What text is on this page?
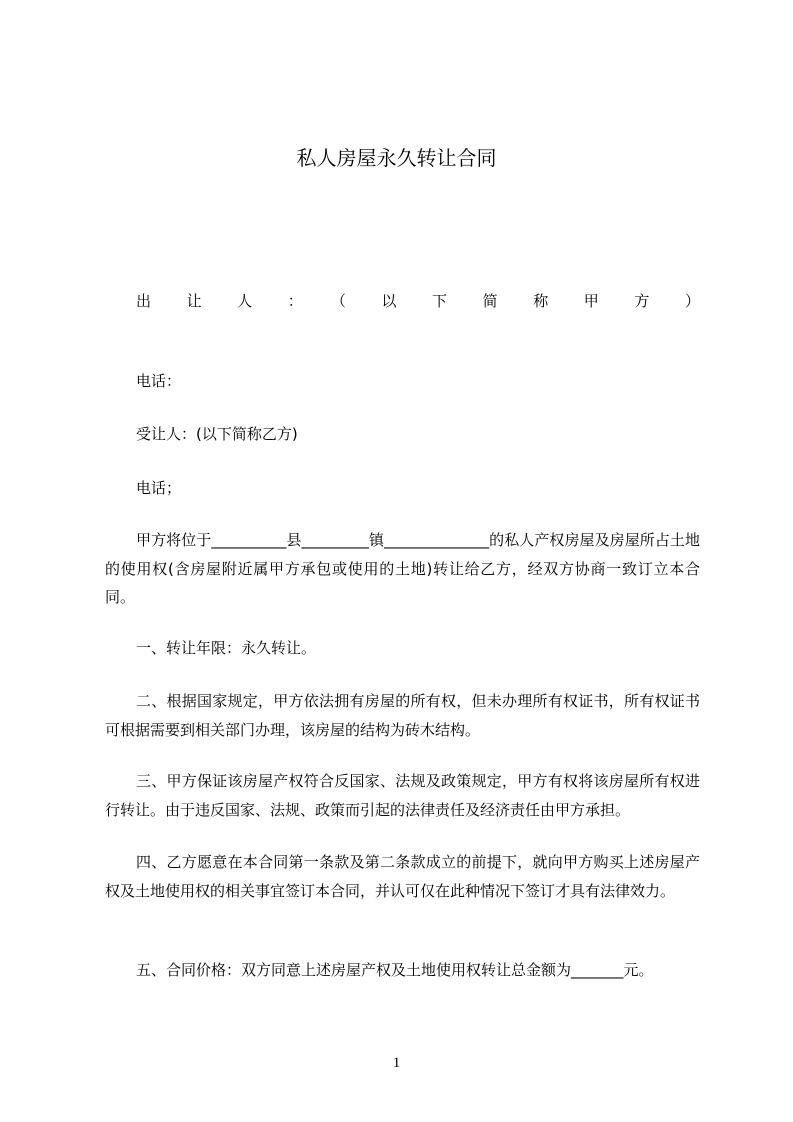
私人房屋永久转让合同
出让人：（以下简称甲方）

电话：

受让人：(以下简称乙方)

电话；

甲方将位于__________县_________镇______________的私人产权房屋及房屋所占土地的使用权(含房屋附近属甲方承包或使用的土地)转让给乙方，经双方协商一致订立本合同。

一、转让年限：永久转让。

二、根据国家规定，甲方依法拥有房屋的所有权，但未办理所有权证书，所有权证书可根据需要到相关部门办理，该房屋的结构为砖木结构。

三、甲方保证该房屋产权符合反国家、法规及政策规定，甲方有权将该房屋所有权进行转让。由于违反国家、法规、政策而引起的法律责任及经济责任由甲方承担。

四、乙方愿意在本合同第一条款及第二条款成立的前提下，就向甲方购买上述房屋产权及土地使用权的相关事宜签订本合同，并认可仅在此种情况下签订才具有法律效力。

五、合同价格：双方同意上述房屋产权及土地使用权转让总金额为_______元。

1
